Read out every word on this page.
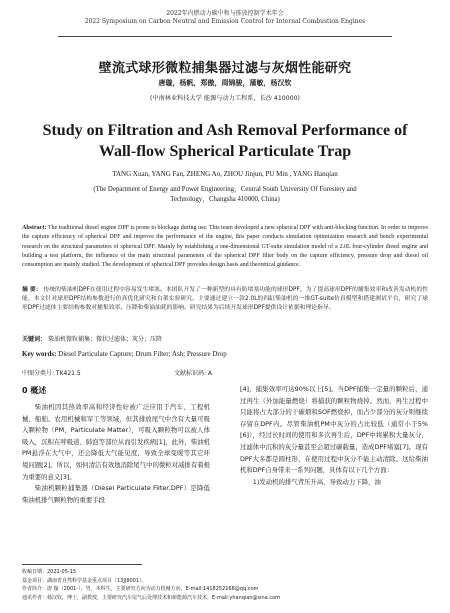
2022年内燃动力碳中和与排放控制学术年会
2022 Symposium on Carbon Neutral and Emission Control for Internal Combustion Engines
壁流式球形微粒捕集器过滤与灰烟性能研究
唐璇，杨帆，郑傲，周锦骏，蒲敏，杨汉钦
(中南林业科技大学 能源与动力工程系，长沙 410000)
Study on Filtration and Ash Removal Performance of
Wall-flow Spherical Particulate Trap
TANG Xuan, YANG Fan, ZHENG Ao, ZHOU Jinjun, PU Min , YANG Hanqian
(The Department of Energy and Power Engineering，Central South University Of Forestery and
Technology，Changsha 410000, China)
Abstract: The traditional diesel engine DPF is prone to blockage during use. This team developed a new spherical DPF with anti-blocking function. In order to improve the capture efficiency of spherical DPF and improve the performance of the engine, this paper conducts simulation optimization research and bench experimental research on the structural parameters of spherical DPF. Mainly by establishing a one-dimensional GT-suite simulation model of a 2.0L four-cylinder diesel engine and building a test platform, the influence of the main structural parameters of the spherical DPF filter body on the capture efficiency, pressure drop and diesel oil consumption are mainly studied. The development of spherical DPF provides design basis and theoretical guidance.
摘 要： 传统的柴油机DPF在使用过程中容易发生堵塞。本团队开发了一种新型的具有防堵塞功能的球形DPF。为了提高球形DPF的捕集效率和改善发动机的性能，本文针对球形DPF结构参数进行仿真优化研究和台架实验研究。主要通过建立一款2.0L的四缸柴油机的一维GT-suite仿真模型和搭建测试平台，研究了球形DPF过滤体主要结构参数对捕集效率、压降和柴油油耗的影响。研究结果为后续开发球形DPF提供设计依据和理论指导。
关键词： 柴油机微粒捕集；微状过滤体；灰分；压降
Key words: Diesel Particulate Capture; Drum Filter; Ash; Pressure Drop
中图分类号: TK421.5	文献标识码: A
0 概述

柴油机因其热效率高和经济性好被广泛应用于汽车、工程机械、船舶、农用机械和军工等领域，但其排放尾气中含有大量可吸入颗粒物（PM，Particulate Matter），可吸入颗粒物可以被人体吸入，沉积在呼吸道、肺泡等部位从而引发疾病[1]，此外，柴油机PM悬浮在大气中，还会降低大气能见度，导致全球变暖等其它环境问题[2]。所以，如何清洁有效地消除尾气中的微粒对减排有着极为重要的意义[3]。

柴油机颗粒捕集器（Diesel Particulate Filter,DPF）是降低柴油机排气颗粒物的重要手段

[4]，捕集效率可达90%以上[5]。当DPF捕集一定量的颗粒后，通过再生（外加能量燃烧）将捕获的颗粒物烧掉。然而，再生过程中只能将占大部分的干碳烟和SOF燃烧掉，而占少部分的灰分则继续存留在DPF内。尽管柴油机PM中灰分的占比较低（通常小于5%[6]），经过长时间的使用和多次再生后，DPF中将累积大量灰分，过滤体中沉积的灰分量甚至会超过碳载量，造成DPF堵塞[7]。现有DPF大多都是圆柱形，在使用过程中灰分不能主动清除。这给柴油机和DPF自身带来一系列问题，具体有以下几个方面：

1)发动机的排气背压升高，导致动力下降，油

收稿日期：2022-05-15
基金项目：湖南省自然科学基金重点项目（13JJ8001）。
作者简介：唐 璇（2001-），男，本科生，主要研究方向为动力机械方向，E-mail:1418252168@qq.com
通讯作者：杨汉钦，博士，副教授，主要研究汽车尾气后处理技术和新能源汽车技术，E-mail:yhanqian@sina.com
